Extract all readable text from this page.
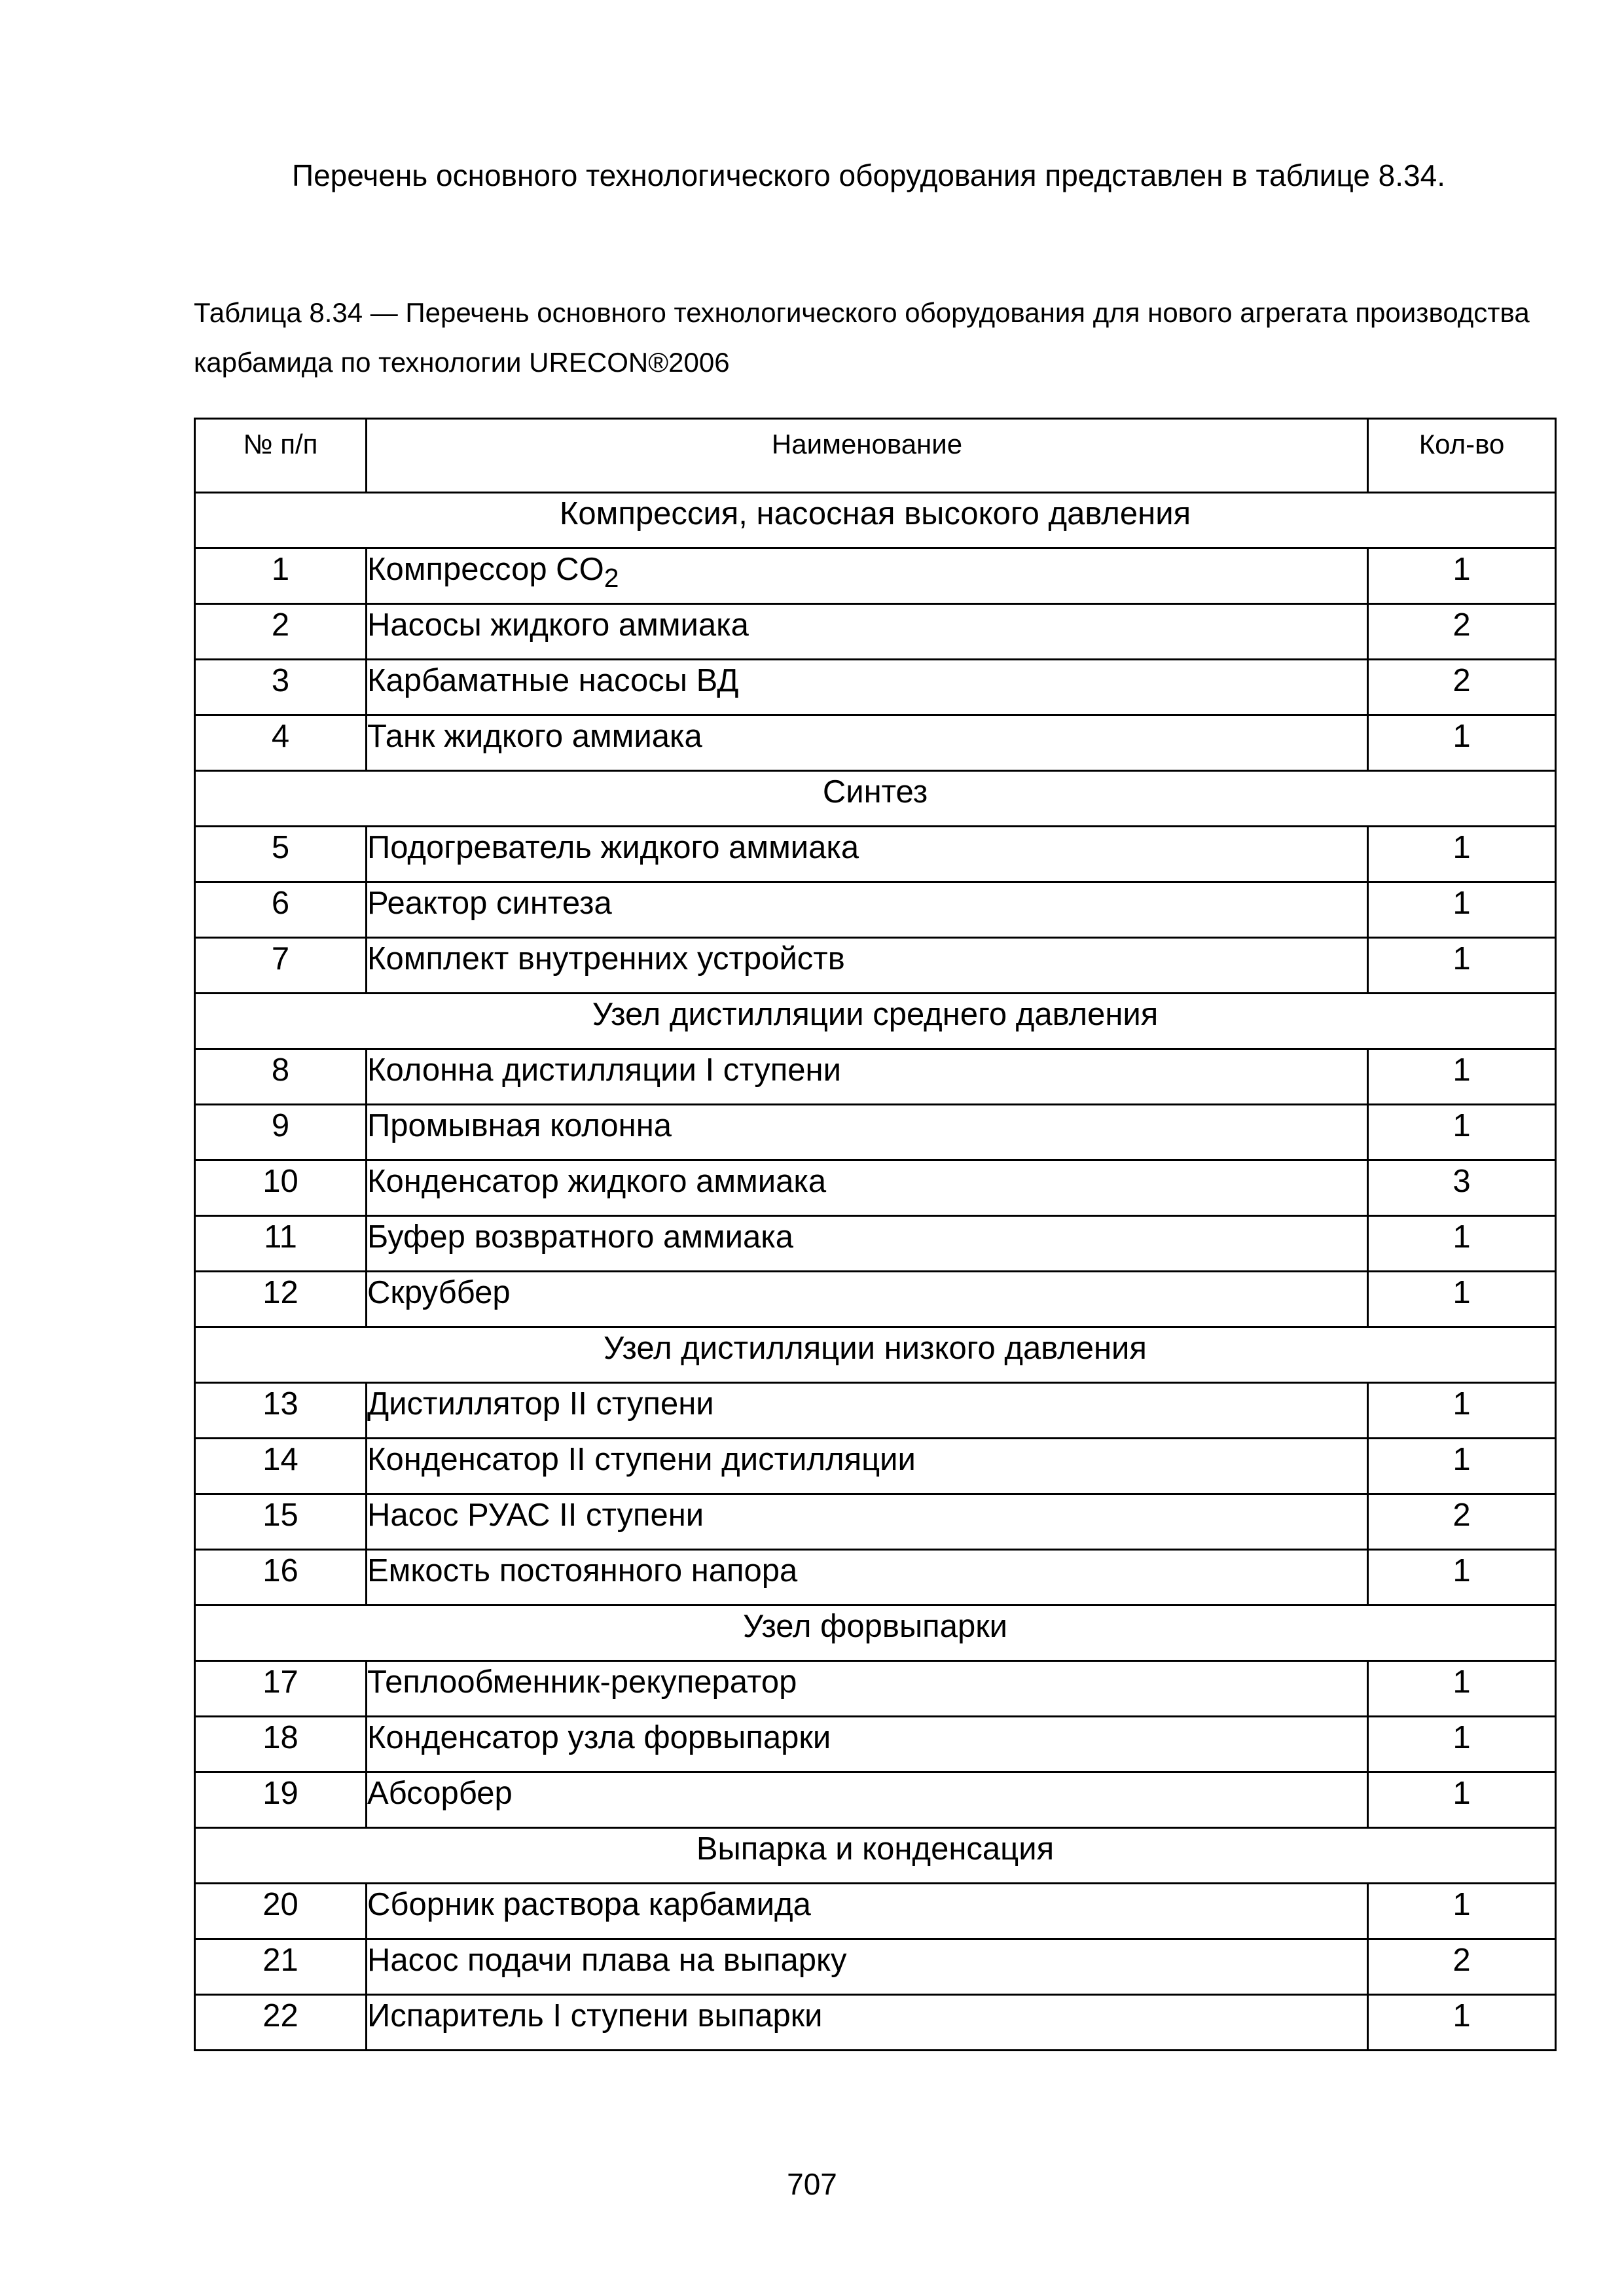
Перечень основного технологического оборудования представлен в таблице 8.34.

Таблица 8.34 — Перечень основного технологического оборудования для нового агрегата производства карбамида по технологии URECON®2006

№ п/п	Наименование	Кол-во
Компрессия, насосная высокого давления		
1	Компрессор $CO_2$	1
2	Насосы жидкого аммиака	2
3	Карбаматные насосы ВД	2
4	Танк жидкого аммиака	1
Синтез		
5	Подогреватель жидкого аммиака	1
6	Реактор синтеза	1
7	Комплект внутренних устройств	1
Узел дистилляции среднего давления		
8	Колонна дистилляции I ступени	1
9	Промывная колонна	1
10	Конденсатор жидкого аммиака	3
11	Буфер возвратного аммиака	1
12	Скруббер	1
Узел дистилляции низкого давления		
13	Дистиллятор II ступени	1
14	Конденсатор II ступени дистилляции	1
15	Насос РУАС II ступени	2
16	Емкость постоянного напора	1
Узел форвыпарки		
17	Теплообменник-рекуператор	1
18	Конденсатор узла форвыпарки	1
19	Абсорбер	1
Выпарка и конденсация		
20	Сборник раствора карбамида	1
21	Насос подачи плава на выпарку	2
22	Испаритель I ступени выпарки	1
707
